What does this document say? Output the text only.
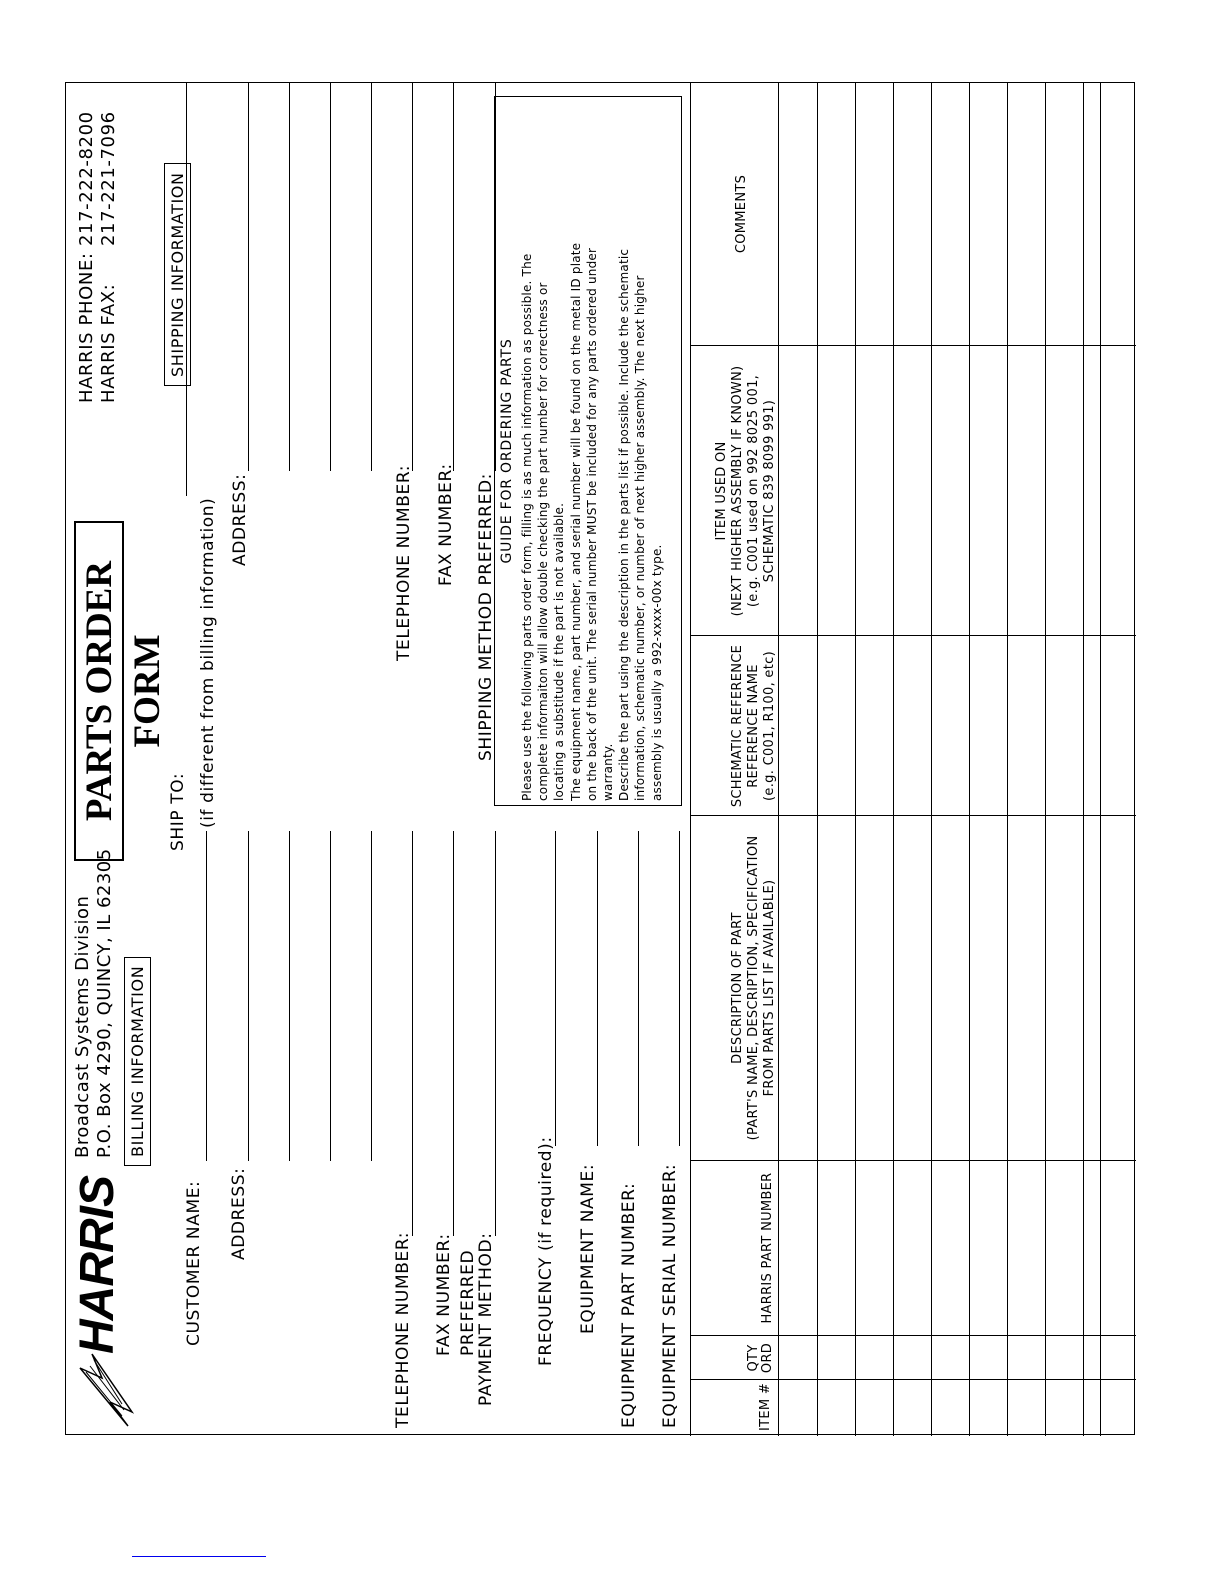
HARRIS
Broadcast Systems Division P.O. Box 4290, QUINCY, IL 62305
PARTS ORDER FORM
HARRIS PHONE:
217-222-8200
HARRIS FAX:
217-221-7096
BILLING INFORMATION
SHIPPING INFORMATION
CUSTOMER NAME: ADDRESS:
TELEPHONE NUMBER: FAX NUMBER: PREFERRED
PAYMENT METHOD: FREQUENCY (if required): EQUIPMENT NAME: EQUIPMENT PART NUMBER: EQUIPMENT SERIAL NUMBER:
SHIP TO: (if different from billing information) ADDRESS:	TELEPHONE NUMBER: FAX NUMBER: SHIPPING METHOD PREFERRED:
GUIDE FOR ORDERING PARTS Please use the following parts order form, filling is as much information as possible. The complete informaiton will allow double checking the part number for correctness or locating a substitude if the part is not available. The equipment name, part number, and serial number will be found on the metal ID plate on the back of the unit. The serial number MUST be included for any parts ordered under warranty. Describe the part using the description in the parts list if possible. Include the schematic information, schematic number, or number of next higher assembly. The next higher assembly is usually a 992-xxxx-00x type.
ITEM #
QTY ORD
HARRIS PART NUMBER
DESCRIPTION OF PART (PART'S NAME, DESCRIPTION, SPECIFICATION FROM PARTS LIST IF AVAILABLE)
SCHEMATIC REFERENCE REFERENCE NAME (e.g. C001, R100, etc)
ITEM USED ON (NEXT HIGHER ASSEMBLY IF KNOWN) (e.g. C001 used on 992 8025 001, SCHEMATIC 839 8099 991)
COMMENTS
